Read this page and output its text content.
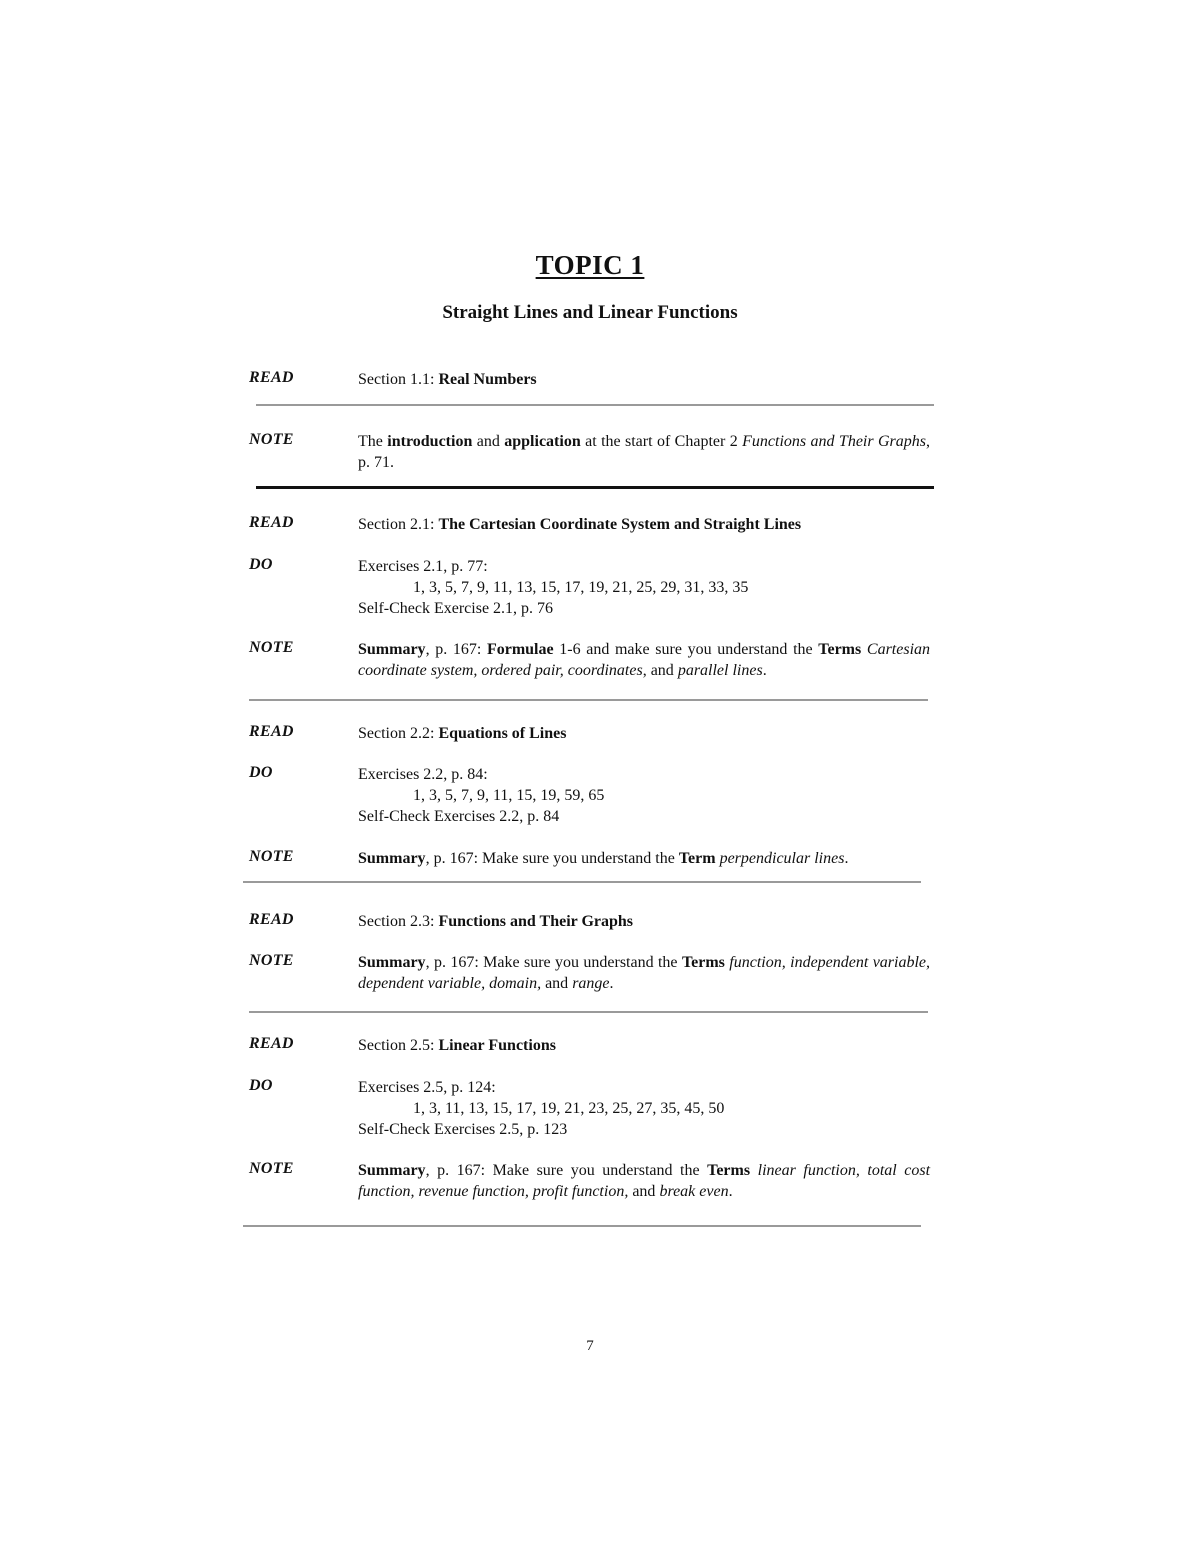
TOPIC 1
Straight Lines and Linear Functions
READ	Section 1.1: Real Numbers
NOTE	The introduction and application at the start of Chapter 2 Functions and Their Graphs, p. 71.
READ	Section 2.1: The Cartesian Coordinate System and Straight Lines
DO	Exercises 2.1, p. 77:
1, 3, 5, 7, 9, 11, 13, 15, 17, 19, 21, 25, 29, 31, 33, 35
Self-Check Exercise 2.1, p. 76
NOTE	Summary, p. 167: Formulae 1-6 and make sure you understand the Terms Cartesian coordinate system, ordered pair, coordinates, and parallel lines.
READ	Section 2.2: Equations of Lines
DO	Exercises 2.2, p. 84:
1, 3, 5, 7, 9, 11, 15, 19, 59, 65
Self-Check Exercises 2.2, p. 84
NOTE	Summary, p. 167: Make sure you understand the Term perpendicular lines.
READ	Section 2.3: Functions and Their Graphs
NOTE	Summary, p. 167: Make sure you understand the Terms function, independent variable, dependent variable, domain, and range.
READ	Section 2.5: Linear Functions
DO	Exercises 2.5, p. 124:
1, 3, 11, 13, 15, 17, 19, 21, 23, 25, 27, 35, 45, 50
Self-Check Exercises 2.5, p. 123
NOTE	Summary, p. 167: Make sure you understand the Terms linear function, total cost function, revenue function, profit function, and break even.
7
